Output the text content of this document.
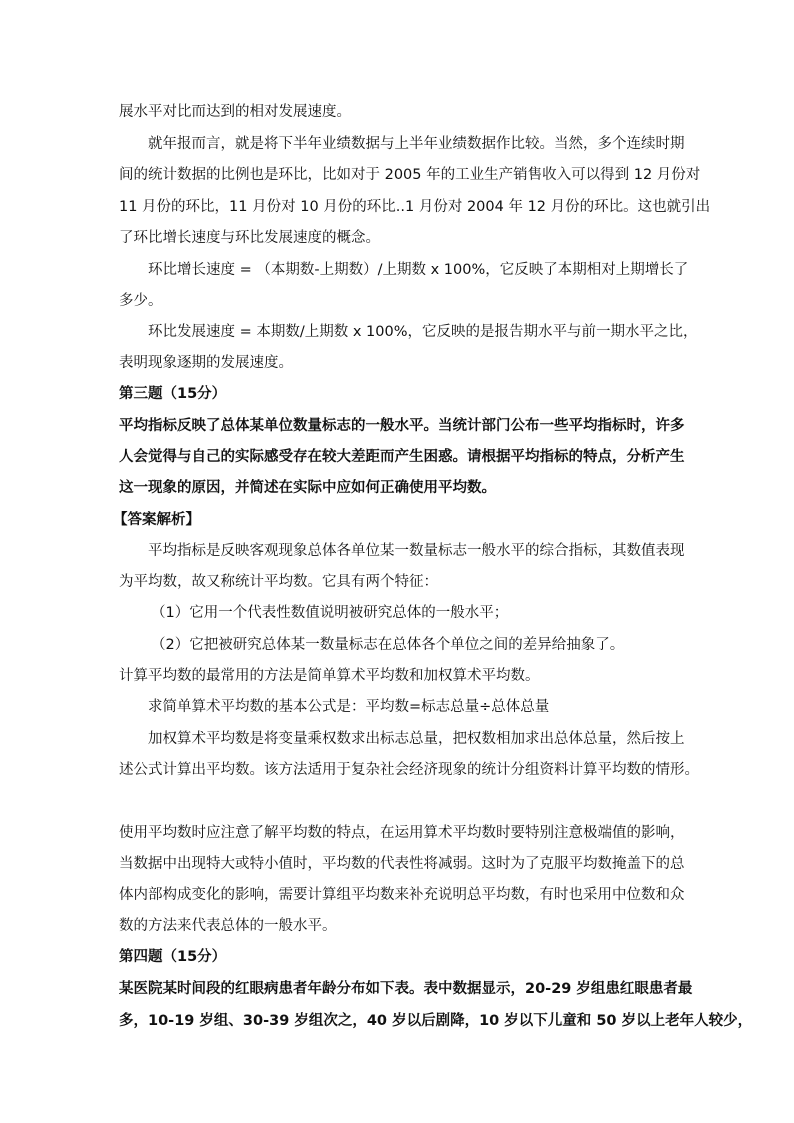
展水平对比而达到的相对发展速度。
就年报而言，就是将下半年业绩数据与上半年业绩数据作比较。当然，多个连续时期
间的统计数据的比例也是环比，比如对于 2005 年的工业生产销售收入可以得到 12 月份对
11 月份的环比，11 月份对 10 月份的环比..1 月份对 2004 年 12 月份的环比。这也就引出
了环比增长速度与环比发展速度的概念。
环比增长速度 = （本期数-上期数）/上期数 x 100%，它反映了本期相对上期增长了
多少。
环比发展速度 = 本期数/上期数 x 100%，它反映的是报告期水平与前一期水平之比，
表明现象逐期的发展速度。
第三题（15分）
平均指标反映了总体某单位数量标志的一般水平。当统计部门公布一些平均指标时，许多
人会觉得与自己的实际感受存在较大差距而产生困惑。请根据平均指标的特点，分析产生
这一现象的原因，并简述在实际中应如何正确使用平均数。
【答案解析】
平均指标是反映客观现象总体各单位某一数量标志一般水平的综合指标，其数值表现
为平均数，故又称统计平均数。它具有两个特征：
（1）它用一个代表性数值说明被研究总体的一般水平；
（2）它把被研究总体某一数量标志在总体各个单位之间的差异给抽象了。
计算平均数的最常用的方法是简单算术平均数和加权算术平均数。
求简单算术平均数的基本公式是：平均数=标志总量÷总体总量
加权算术平均数是将变量乘权数求出标志总量，把权数相加求出总体总量，然后按上
述公式计算出平均数。该方法适用于复杂社会经济现象的统计分组资料计算平均数的情形。
使用平均数时应注意了解平均数的特点，在运用算术平均数时要特别注意极端值的影响，
当数据中出现特大或特小值时，平均数的代表性将减弱。这时为了克服平均数掩盖下的总
体内部构成变化的影响，需要计算组平均数来补充说明总平均数，有时也采用中位数和众
数的方法来代表总体的一般水平。
第四题（15分）
某医院某时间段的红眼病患者年龄分布如下表。表中数据显示，20-29 岁组患红眼患者最
多，10-19 岁组、30-39 岁组次之，40 岁以后剧降，10 岁以下儿童和 50 岁以上老年人较少，
